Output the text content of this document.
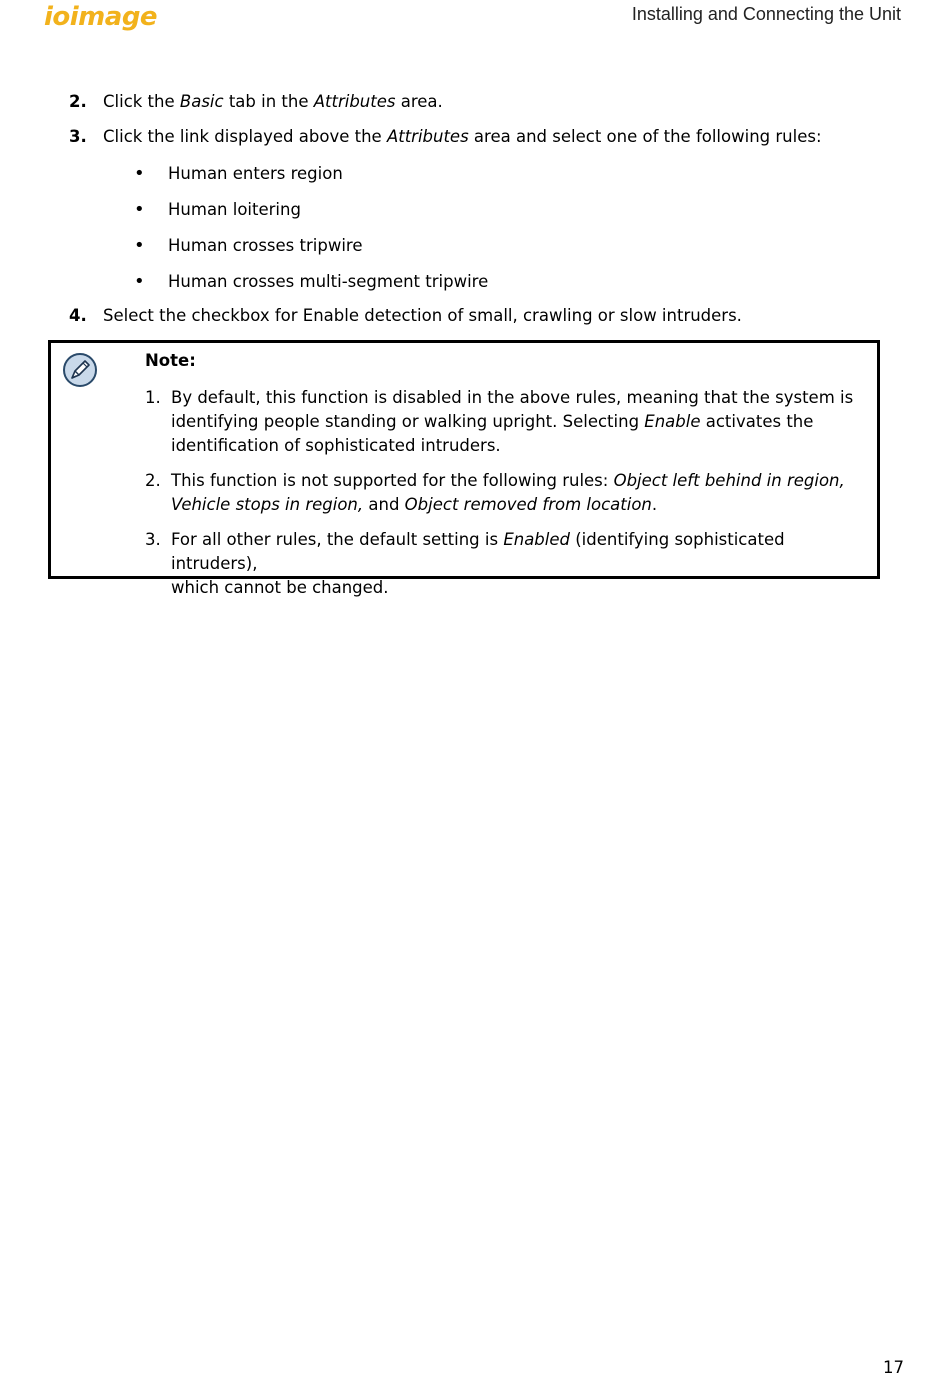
ioimage	Installing and Connecting the Unit
2. Click the Basic tab in the Attributes area.
3. Click the link displayed above the Attributes area and select one of the following rules:
• Human enters region
• Human loitering
• Human crosses tripwire
• Human crosses multi-segment tripwire
4. Select the checkbox for Enable detection of small, crawling or slow intruders.
Note:
1. By default, this function is disabled in the above rules, meaning that the system is
identifying people standing or walking upright. Selecting Enable activates the
identification of sophisticated intruders.
2. This function is not supported for the following rules: Object left behind in region,
Vehicle stops in region, and Object removed from location.
3. For all other rules, the default setting is Enabled (identifying sophisticated intruders),
which cannot be changed.
17
